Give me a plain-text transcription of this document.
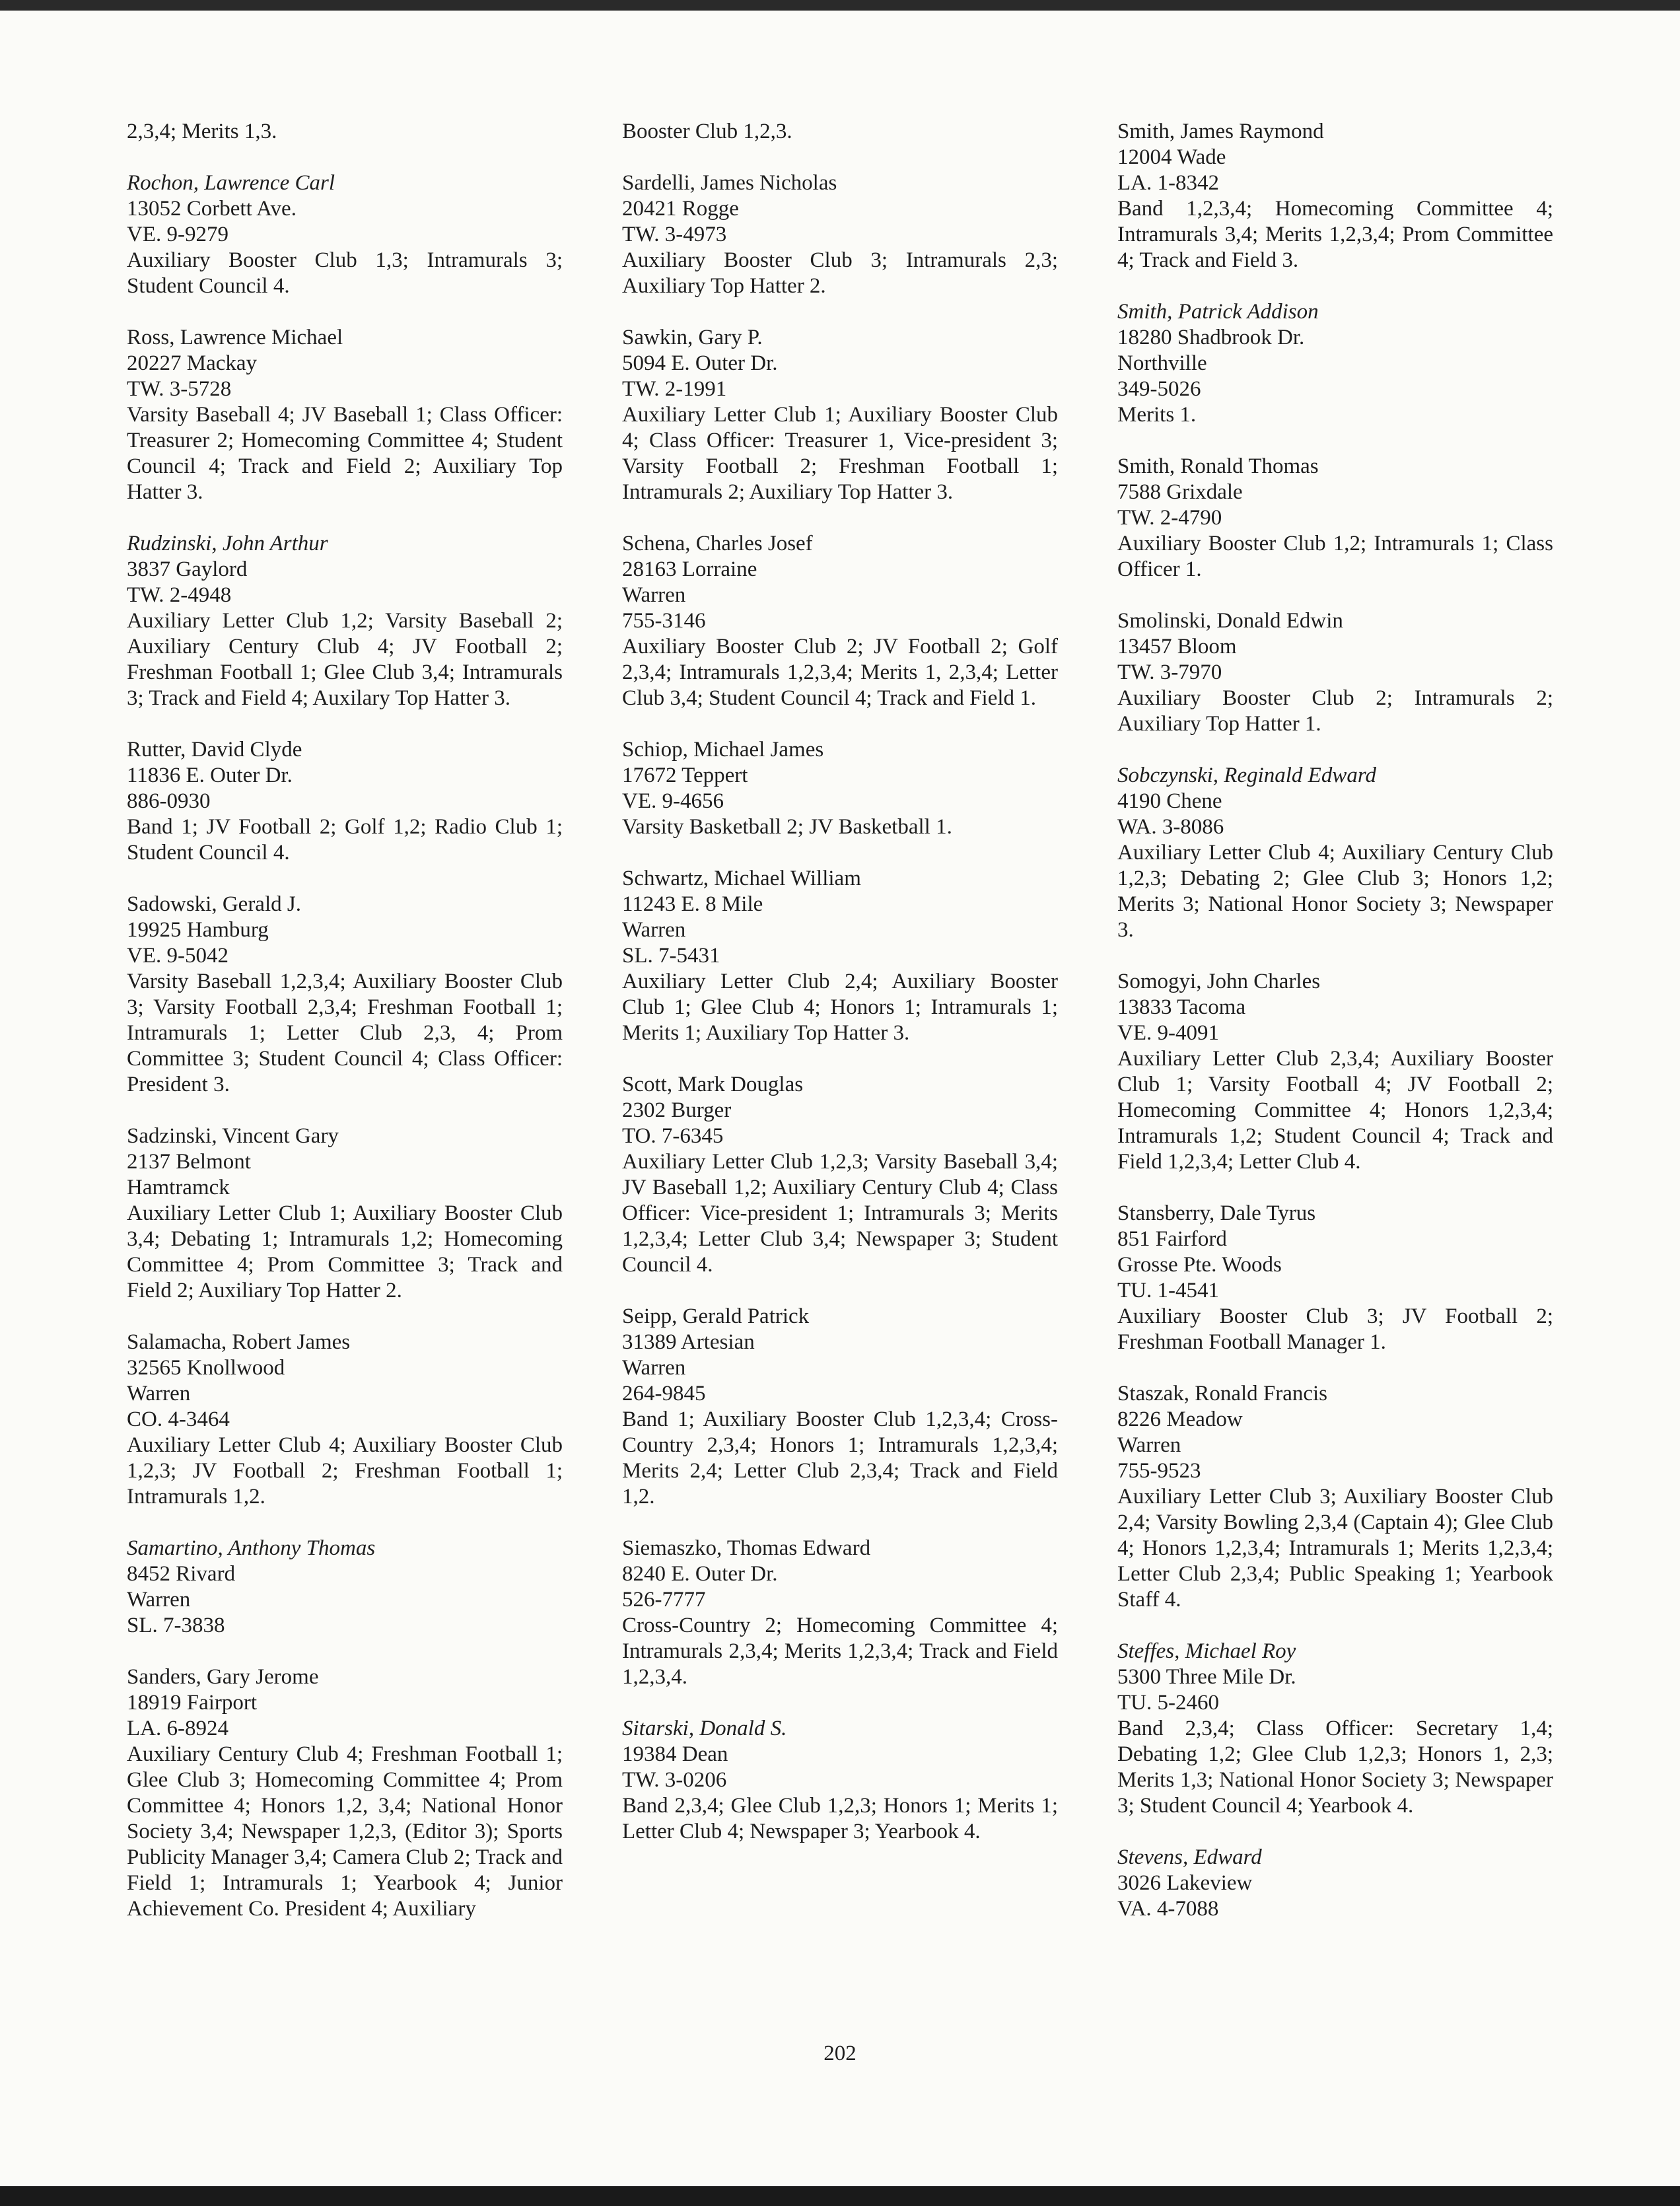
2,3,4; Merits 1,3.
Rochon, Lawrence Carl
13052 Corbett Ave.
VE. 9-9279
Auxiliary Booster Club 1,3; Intramurals 3; Student Council 4.
Ross, Lawrence Michael
20227 Mackay
TW. 3-5728
Varsity Baseball 4; JV Baseball 1; Class Officer: Treasurer 2; Homecoming Committee 4; Student Council 4; Track and Field 2; Auxiliary Top Hatter 3.
Rudzinski, John Arthur
3837 Gaylord
TW. 2-4948
Auxiliary Letter Club 1,2; Varsity Baseball 2; Auxiliary Century Club 4; JV Football 2; Freshman Football 1; Glee Club 3,4; Intramurals 3; Track and Field 4; Auxilary Top Hatter 3.
Rutter, David Clyde
11836 E. Outer Dr.
886-0930
Band 1; JV Football 2; Golf 1,2; Radio Club 1; Student Council 4.
Sadowski, Gerald J.
19925 Hamburg
VE. 9-5042
Varsity Baseball 1,2,3,4; Auxiliary Booster Club 3; Varsity Football 2,3,4; Freshman Football 1; Intramurals 1; Letter Club 2,3, 4; Prom Committee 3; Student Council 4; Class Officer: President 3.
Sadzinski, Vincent Gary
2137 Belmont
Hamtramck
Auxiliary Letter Club 1; Auxiliary Booster Club 3,4; Debating 1; Intramurals 1,2; Homecoming Committee 4; Prom Committee 3; Track and Field 2; Auxiliary Top Hatter 2.
Salamacha, Robert James
32565 Knollwood
Warren
CO. 4-3464
Auxiliary Letter Club 4; Auxiliary Booster Club 1,2,3; JV Football 2; Freshman Football 1; Intramurals 1,2.
Samartino, Anthony Thomas
8452 Rivard
Warren
SL. 7-3838
Sanders, Gary Jerome
18919 Fairport
LA. 6-8924
Auxiliary Century Club 4; Freshman Football 1; Glee Club 3; Homecoming Committee 4; Prom Committee 4; Honors 1,2, 3,4; National Honor Society 3,4; Newspaper 1,2,3, (Editor 3); Sports Publicity Manager 3,4; Camera Club 2; Track and Field 1; Intramurals 1; Yearbook 4; Junior Achievement Co. President 4; Auxiliary
Booster Club 1,2,3.
Sardelli, James Nicholas
20421 Rogge
TW. 3-4973
Auxiliary Booster Club 3; Intramurals 2,3; Auxiliary Top Hatter 2.
Sawkin, Gary P.
5094 E. Outer Dr.
TW. 2-1991
Auxiliary Letter Club 1; Auxiliary Booster Club 4; Class Officer: Treasurer 1, Vice-president 3; Varsity Football 2; Freshman Football 1; Intramurals 2; Auxiliary Top Hatter 3.
Schena, Charles Josef
28163 Lorraine
Warren
755-3146
Auxiliary Booster Club 2; JV Football 2; Golf 2,3,4; Intramurals 1,2,3,4; Merits 1, 2,3,4; Letter Club 3,4; Student Council 4; Track and Field 1.
Schiop, Michael James
17672 Teppert
VE. 9-4656
Varsity Basketball 2; JV Basketball 1.
Schwartz, Michael William
11243 E. 8 Mile
Warren
SL. 7-5431
Auxiliary Letter Club 2,4; Auxiliary Booster Club 1; Glee Club 4; Honors 1; Intramurals 1; Merits 1; Auxiliary Top Hatter 3.
Scott, Mark Douglas
2302 Burger
TO. 7-6345
Auxiliary Letter Club 1,2,3; Varsity Baseball 3,4; JV Baseball 1,2; Auxiliary Century Club 4; Class Officer: Vice-president 1; Intramurals 3; Merits 1,2,3,4; Letter Club 3,4; Newspaper 3; Student Council 4.
Seipp, Gerald Patrick
31389 Artesian
Warren
264-9845
Band 1; Auxiliary Booster Club 1,2,3,4; Cross-Country 2,3,4; Honors 1; Intramurals 1,2,3,4; Merits 2,4; Letter Club 2,3,4; Track and Field 1,2.
Siemaszko, Thomas Edward
8240 E. Outer Dr.
526-7777
Cross-Country 2; Homecoming Committee 4; Intramurals 2,3,4; Merits 1,2,3,4; Track and Field 1,2,3,4.
Sitarski, Donald S.
19384 Dean
TW. 3-0206
Band 2,3,4; Glee Club 1,2,3; Honors 1; Merits 1; Letter Club 4; Newspaper 3; Yearbook 4.
Smith, James Raymond
12004 Wade
LA. 1-8342
Band 1,2,3,4; Homecoming Committee 4; Intramurals 3,4; Merits 1,2,3,4; Prom Committee 4; Track and Field 3.
Smith, Patrick Addison
18280 Shadbrook Dr.
Northville
349-5026
Merits 1.
Smith, Ronald Thomas
7588 Grixdale
TW. 2-4790
Auxiliary Booster Club 1,2; Intramurals 1; Class Officer 1.
Smolinski, Donald Edwin
13457 Bloom
TW. 3-7970
Auxiliary Booster Club 2; Intramurals 2; Auxiliary Top Hatter 1.
Sobczynski, Reginald Edward
4190 Chene
WA. 3-8086
Auxiliary Letter Club 4; Auxiliary Century Club 1,2,3; Debating 2; Glee Club 3; Honors 1,2; Merits 3; National Honor Society 3; Newspaper 3.
Somogyi, John Charles
13833 Tacoma
VE. 9-4091
Auxiliary Letter Club 2,3,4; Auxiliary Booster Club 1; Varsity Football 4; JV Football 2; Homecoming Committee 4; Honors 1,2,3,4; Intramurals 1,2; Student Council 4; Track and Field 1,2,3,4; Letter Club 4.
Stansberry, Dale Tyrus
851 Fairford
Grosse Pte. Woods
TU. 1-4541
Auxiliary Booster Club 3; JV Football 2; Freshman Football Manager 1.
Staszak, Ronald Francis
8226 Meadow
Warren
755-9523
Auxiliary Letter Club 3; Auxiliary Booster Club 2,4; Varsity Bowling 2,3,4 (Captain 4); Glee Club 4; Honors 1,2,3,4; Intramurals 1; Merits 1,2,3,4; Letter Club 2,3,4; Public Speaking 1; Yearbook Staff 4.
Steffes, Michael Roy
5300 Three Mile Dr.
TU. 5-2460
Band 2,3,4; Class Officer: Secretary 1,4; Debating 1,2; Glee Club 1,2,3; Honors 1, 2,3; Merits 1,3; National Honor Society 3; Newspaper 3; Student Council 4; Yearbook 4.
Stevens, Edward
3026 Lakeview
VA. 4-7088
202
